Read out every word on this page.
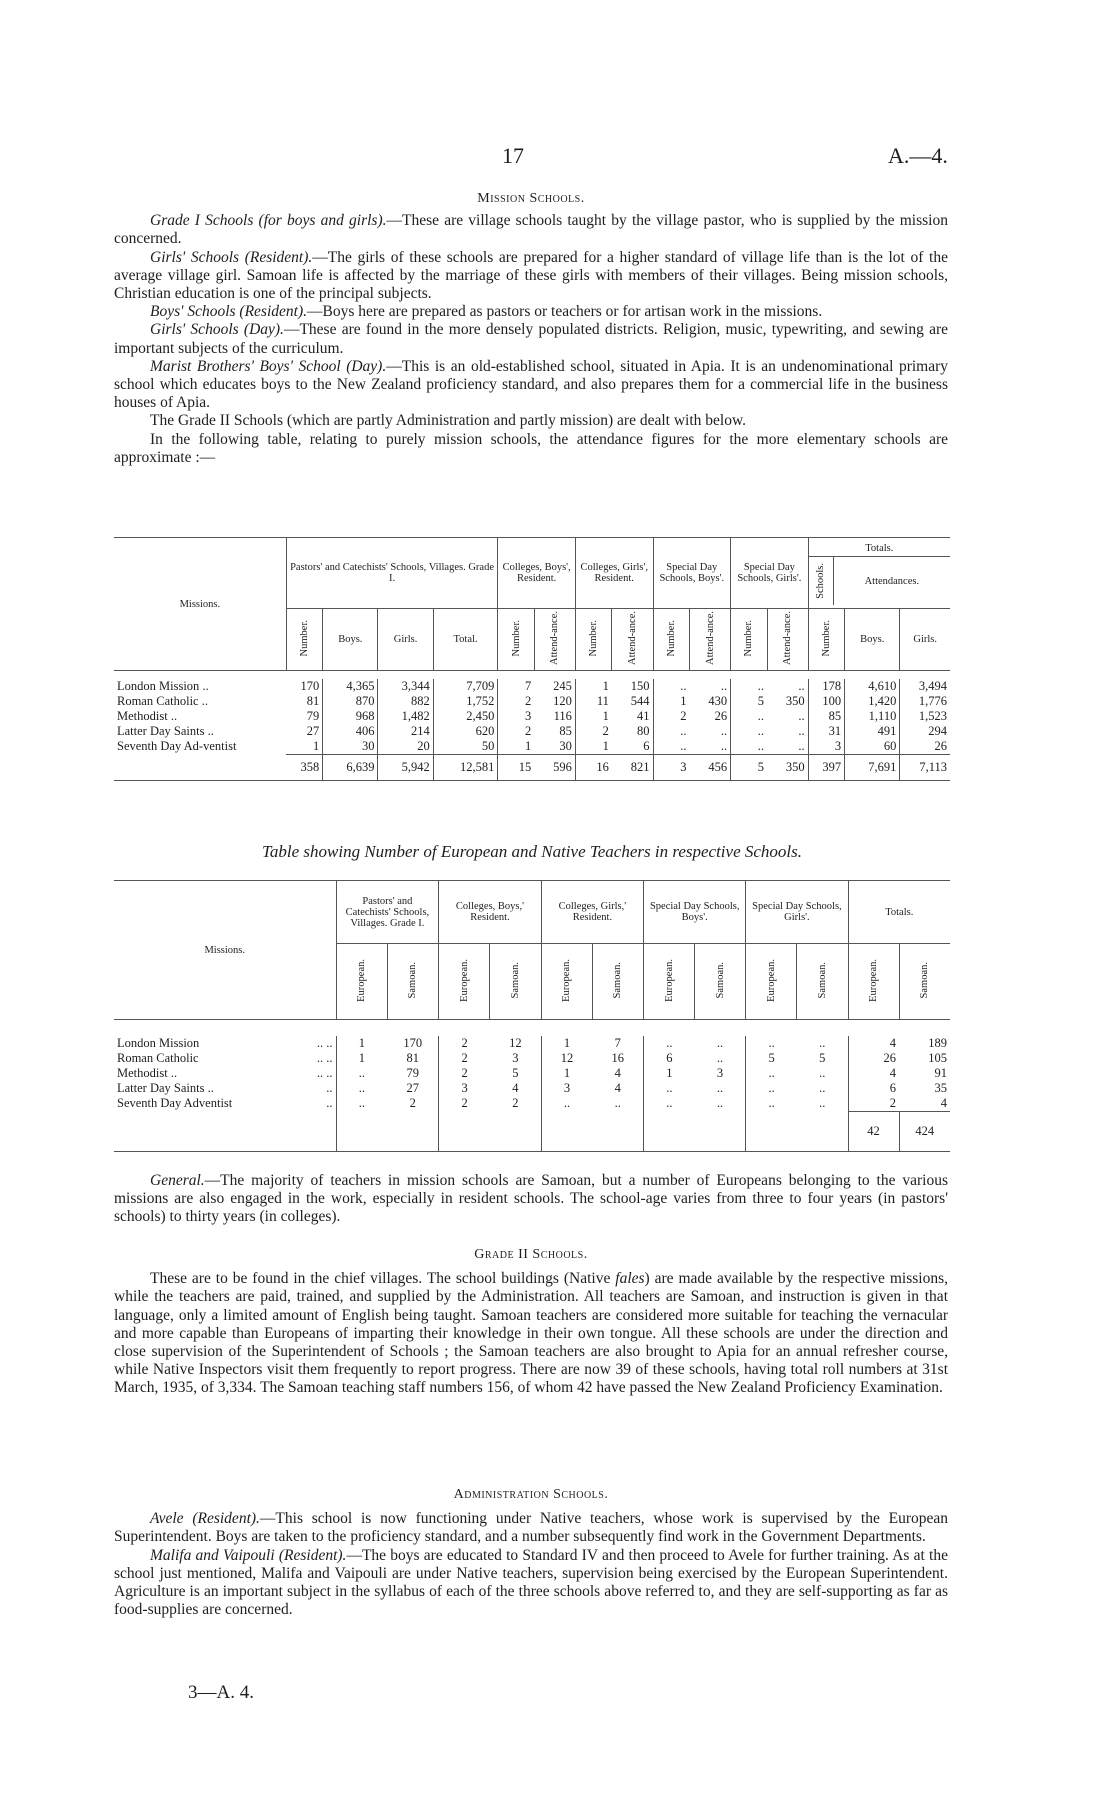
17	A.—4.
Mission Schools.

Grade I Schools (for boys and girls).—These are village schools taught by the village pastor, who is supplied by the mission concerned.

Girls' Schools (Resident).—The girls of these schools are prepared for a higher standard of village life than is the lot of the average village girl. Samoan life is affected by the marriage of these girls with members of their villages. Being mission schools, Christian education is one of the principal subjects.

Boys' Schools (Resident).—Boys here are prepared as pastors or teachers or for artisan work in the missions.

Girls' Schools (Day).—These are found in the more densely populated districts. Religion, music, typewriting, and sewing are important subjects of the curriculum.

Marist Brothers' Boys' School (Day).—This is an old-established school, situated in Apia. It is an undenominational primary school which educates boys to the New Zealand proficiency standard, and also prepares them for a commercial life in the business houses of Apia.

The Grade II Schools (which are partly Administration and partly mission) are dealt with below.

In the following table, relating to purely mission schools, the attendance figures for the more elementary schools are approximate :—

Missions.	Pastors' and Catechists' Schools, Villages. Grade I.				Colleges, Boys', Resident.		Colleges, Girls', Resident.		Special Day Schools, Boys'.		Special Day Schools, Girls'.		Totals.
Schools. Attendances.		

	Number.	Boys.	Girls.	Total.	Number.	Attend-ance.	Number.	Attend-ance.	Number.	Attend-ance.	Number.	Attend-ance.	Number.	Boys.	Girls.

London Mission ..	170	4,365	3,344	7,709	7	245	1	150	..	..	..	..	178	4,610	3,494
Roman Catholic ..	81	870	882	1,752	2	120	11	544	1	430	5	350	100	1,420	1,776
Methodist ..	79	968	1,482	2,450	3	116	1	41	2	26	..	..	85	1,110	1,523
Latter Day Saints ..	27	406	214	620	2	85	2	80	..	..	..	..	31	491	294
Seventh Day Ad-ventist	1	30	20	50	1	30	1	6	..	..	..	..	3	60	26
	358	6,639	5,942	12,581	15	596	16	821	3	456	5	350	397	7,691	7,113
Table showing Number of European and Native Teachers in respective Schools.
Missions.	Pastors' and Catechists' Schools, Villages. Grade I.		Colleges, Boys,' Resident.		Colleges, Girls,' Resident.		Special Day Schools, Boys'.		Special Day Schools, Girls'.		Totals.	
	European.	Samoan.	European.	Samoan.	European.	Samoan.	European.	Samoan.	European.	Samoan.	European.	Samoan.

London Mission .. ..	1	170	2	12	1	7	..	..	..	..	4	189
Roman Catholic .. ..	1	81	2	3	12	16	6	..	5	5	26	105
Methodist .. .. ..	..	79	2	5	1	4	1	3	..	..	4	91
Latter Day Saints .. ..	..	27	3	4	3	4	..	..	..	..	6	35
Seventh Day Adventist ..	..	2	2	2	..	..	..	..	..	..	2	4
											42	424

General.—The majority of teachers in mission schools are Samoan, but a number of Europeans belonging to the various missions are also engaged in the work, especially in resident schools. The school-age varies from three to four years (in pastors' schools) to thirty years (in colleges).

Grade II Schools.

These are to be found in the chief villages. The school buildings (Native fales) are made available by the respective missions, while the teachers are paid, trained, and supplied by the Administration. All teachers are Samoan, and instruction is given in that language, only a limited amount of English being taught. Samoan teachers are considered more suitable for teaching the vernacular and more capable than Europeans of imparting their knowledge in their own tongue. All these schools are under the direction and close supervision of the Superintendent of Schools ; the Samoan teachers are also brought to Apia for an annual refresher course, while Native Inspectors visit them frequently to report progress. There are now 39 of these schools, having total roll numbers at 31st March, 1935, of 3,334. The Samoan teaching staff numbers 156, of whom 42 have passed the New Zealand Proficiency Examination.

Administration Schools.

Avele (Resident).—This school is now functioning under Native teachers, whose work is supervised by the European Superintendent. Boys are taken to the proficiency standard, and a number subsequently find work in the Government Departments.

Malifa and Vaipouli (Resident).—The boys are educated to Standard IV and then proceed to Avele for further training. As at the school just mentioned, Malifa and Vaipouli are under Native teachers, supervision being exercised by the European Superintendent. Agriculture is an important subject in the syllabus of each of the three schools above referred to, and they are self-supporting as far as food-supplies are concerned.

3—A. 4.
